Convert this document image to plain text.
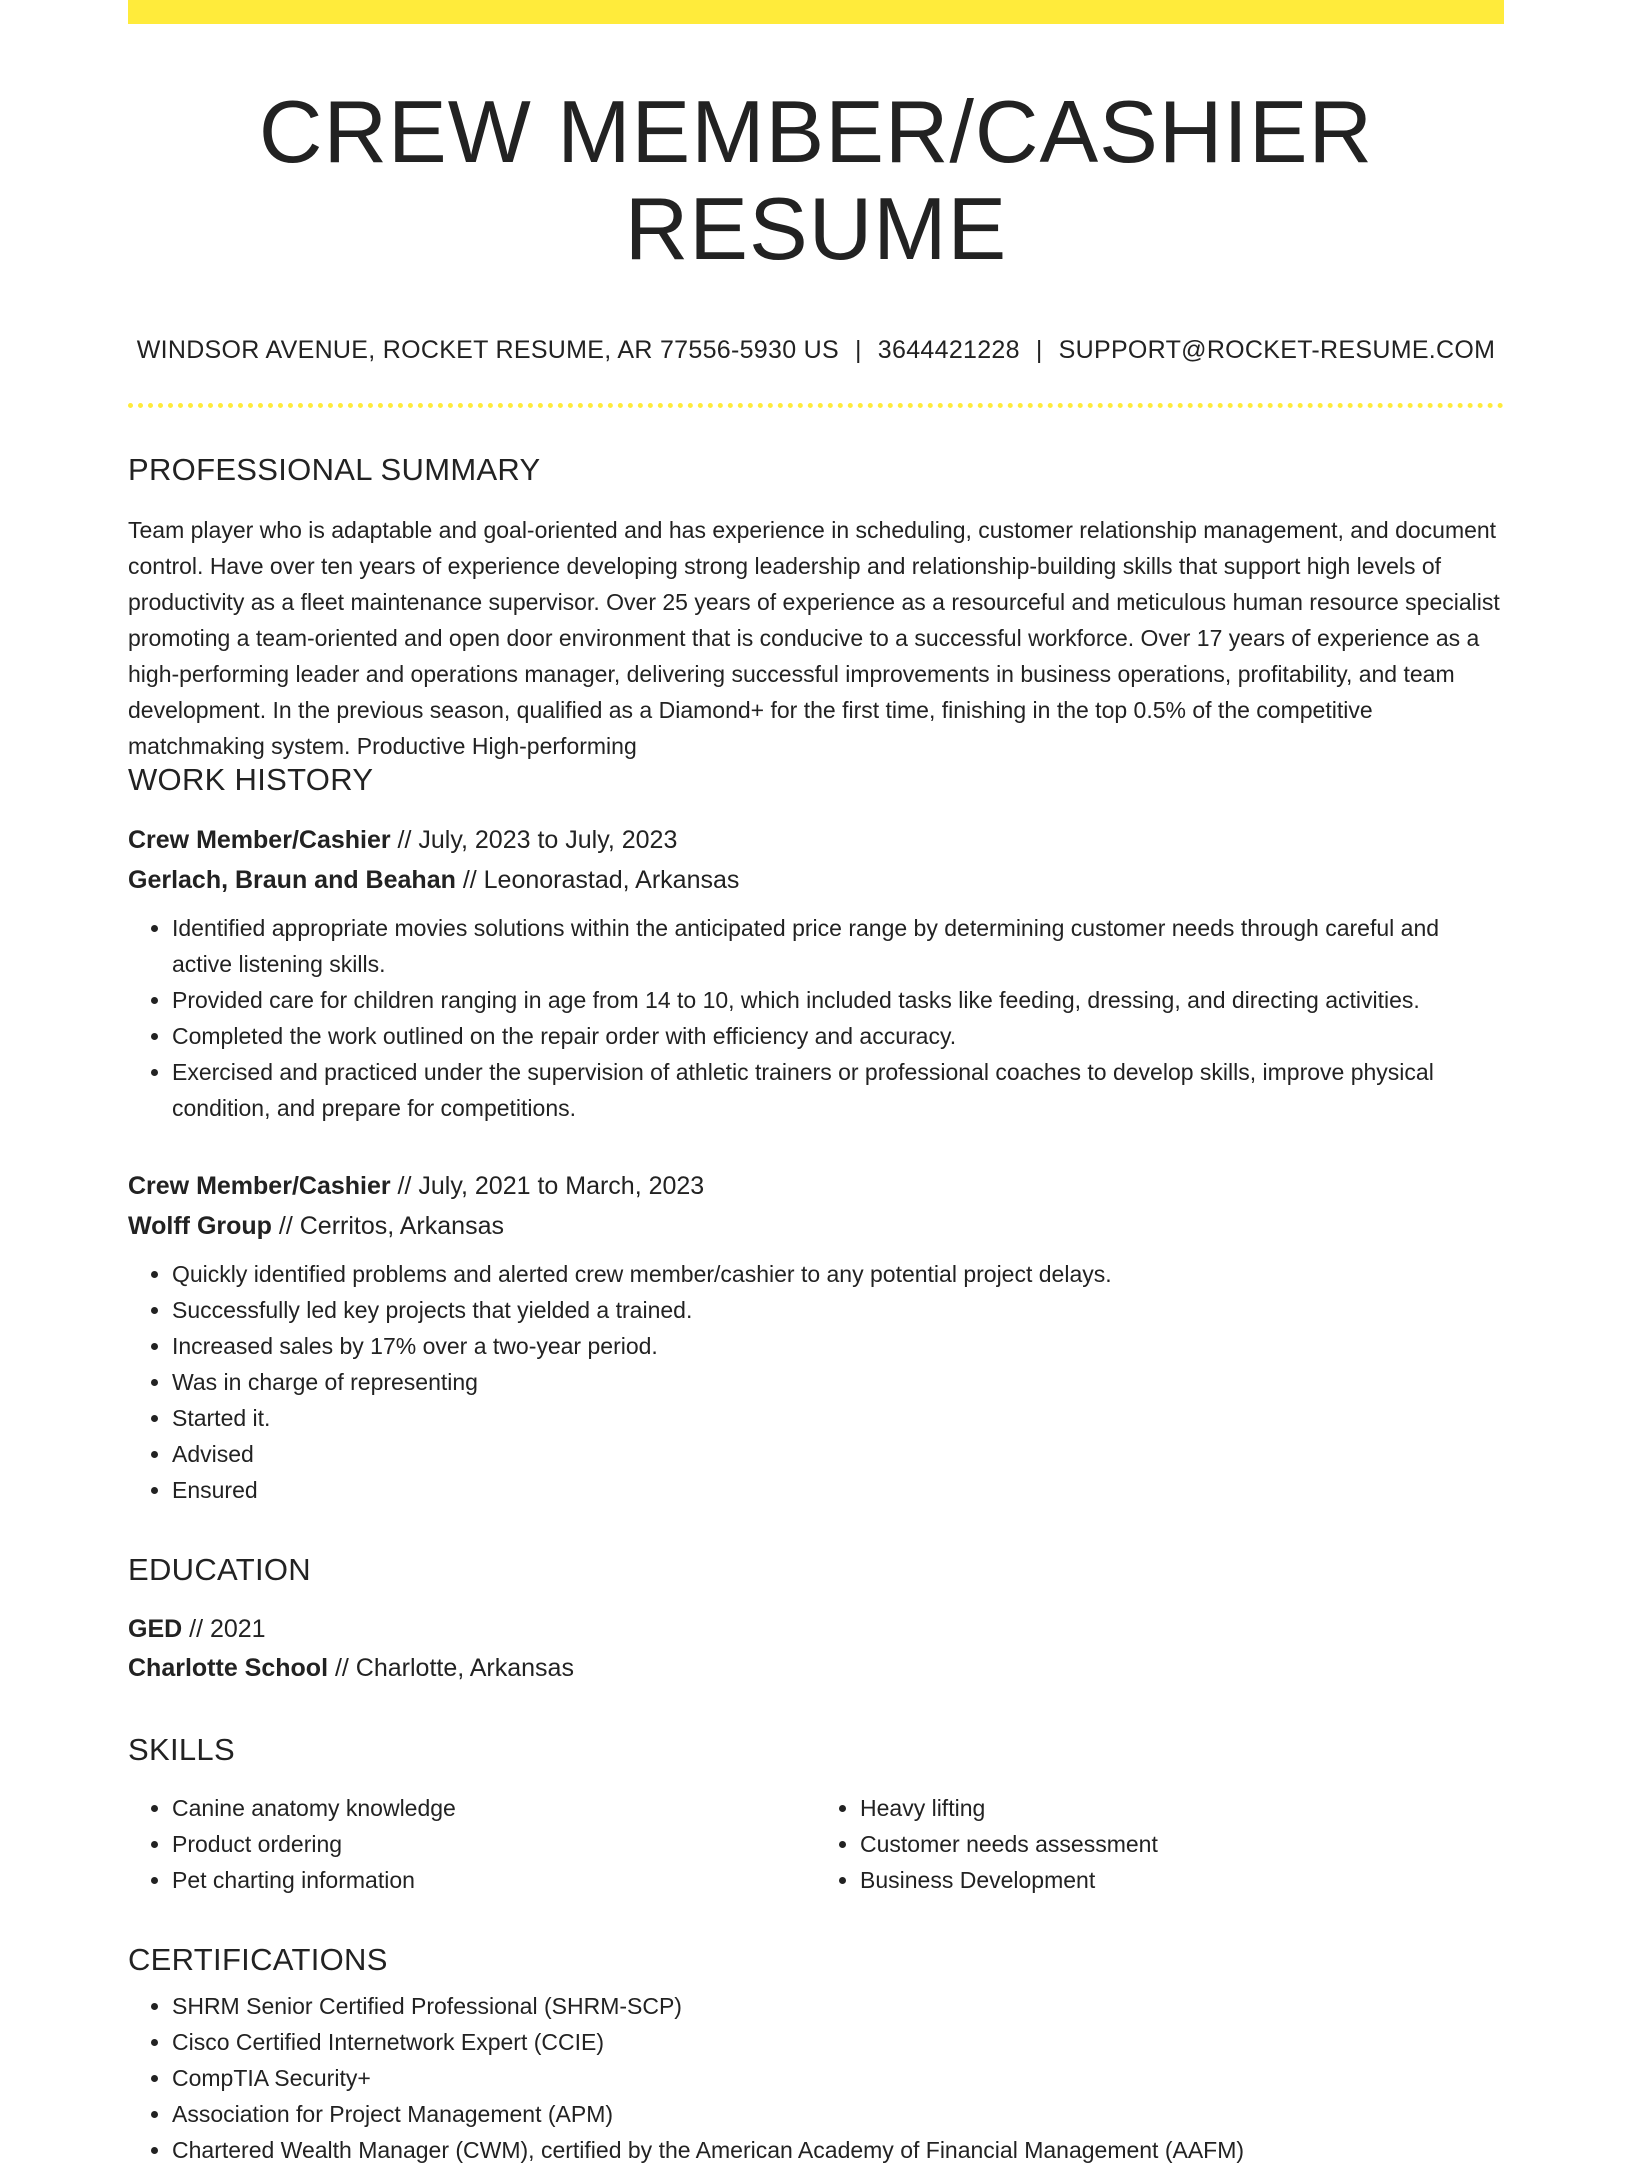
CREW MEMBER/CASHIER RESUME
WINDSOR AVENUE, ROCKET RESUME, AR 77556-5930 US | 3644421228 | SUPPORT@ROCKET-RESUME.COM
PROFESSIONAL SUMMARY
Team player who is adaptable and goal-oriented and has experience in scheduling, customer relationship management, and document control. Have over ten years of experience developing strong leadership and relationship-building skills that support high levels of productivity as a fleet maintenance supervisor. Over 25 years of experience as a resourceful and meticulous human resource specialist promoting a team-oriented and open door environment that is conducive to a successful workforce. Over 17 years of experience as a high-performing leader and operations manager, delivering successful improvements in business operations, profitability, and team development. In the previous season, qualified as a Diamond+ for the first time, finishing in the top 0.5% of the competitive matchmaking system. Productive High-performing
WORK HISTORY
Crew Member/Cashier // July, 2023 to July, 2023
Gerlach, Braun and Beahan // Leonorastad, Arkansas
• Identified appropriate movies solutions within the anticipated price range by determining customer needs through careful and active listening skills.
• Provided care for children ranging in age from 14 to 10, which included tasks like feeding, dressing, and directing activities.
• Completed the work outlined on the repair order with efficiency and accuracy.
• Exercised and practiced under the supervision of athletic trainers or professional coaches to develop skills, improve physical condition, and prepare for competitions.
Crew Member/Cashier // July, 2021 to March, 2023
Wolff Group // Cerritos, Arkansas
• Quickly identified problems and alerted crew member/cashier to any potential project delays.
• Successfully led key projects that yielded a trained.
• Increased sales by 17% over a two-year period.
• Was in charge of representing
• Started it.
• Advised
• Ensured
EDUCATION
GED // 2021
Charlotte School // Charlotte, Arkansas
SKILLS
• Canine anatomy knowledge
• Product ordering
• Pet charting information
• Heavy lifting
• Customer needs assessment
• Business Development
CERTIFICATIONS
• SHRM Senior Certified Professional (SHRM-SCP)
• Cisco Certified Internetwork Expert (CCIE)
• CompTIA Security+
• Association for Project Management (APM)
• Chartered Wealth Manager (CWM), certified by the American Academy of Financial Management (AAFM)
